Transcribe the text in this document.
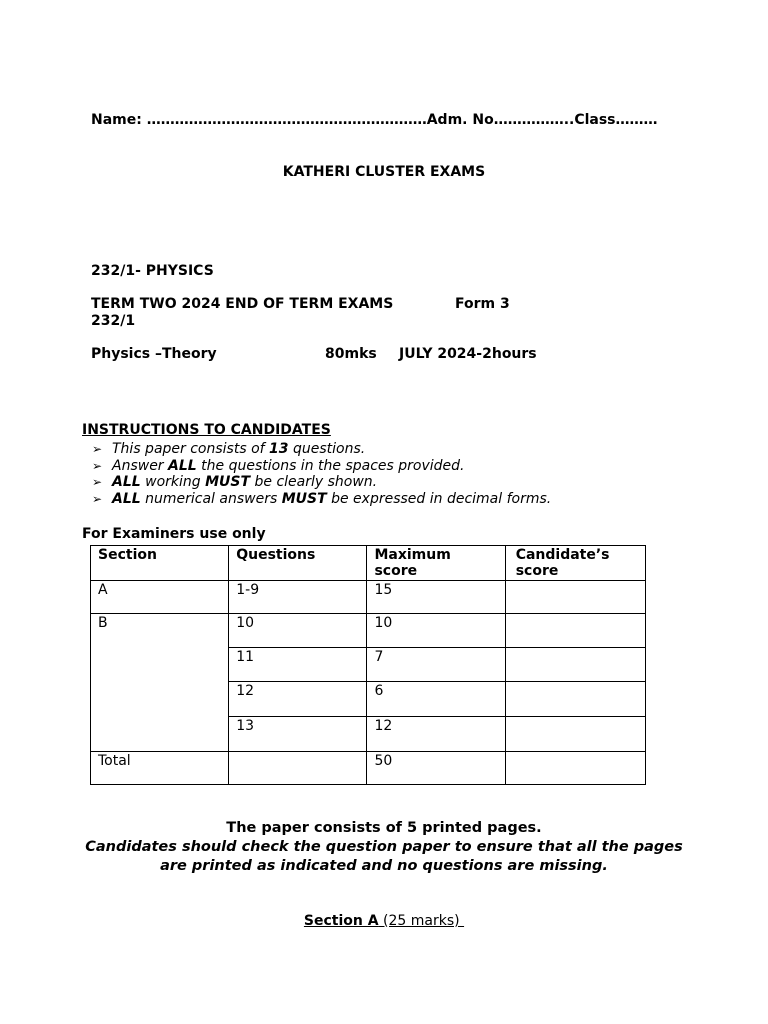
Name: ……………………………………………………Adm. No……………..Class………
KATHERI CLUSTER EXAMS
232/1- PHYSICS
TERM TWO 2024 END OF TERM EXAMS	Form 3
232/1
Physics –Theory	80mks JULY 2024-2hours
INSTRUCTIONS TO CANDIDATES
➢ This paper consists of 13 questions.
➢ Answer ALL the questions in the spaces provided.
➢ ALL working MUST be clearly shown.
➢ ALL numerical answers MUST be expressed in decimal forms.
For Examiners use only
Section	Questions	Maximum score	Candidate’s score
A	1-9	15	
B	10	10	
	11	7	
	12	6	
	13	12	
Total		50	
The paper consists of 5 printed pages.
Candidates should check the question paper to ensure that all the pages
are printed as indicated and no questions are missing.
Section A (25 marks)
